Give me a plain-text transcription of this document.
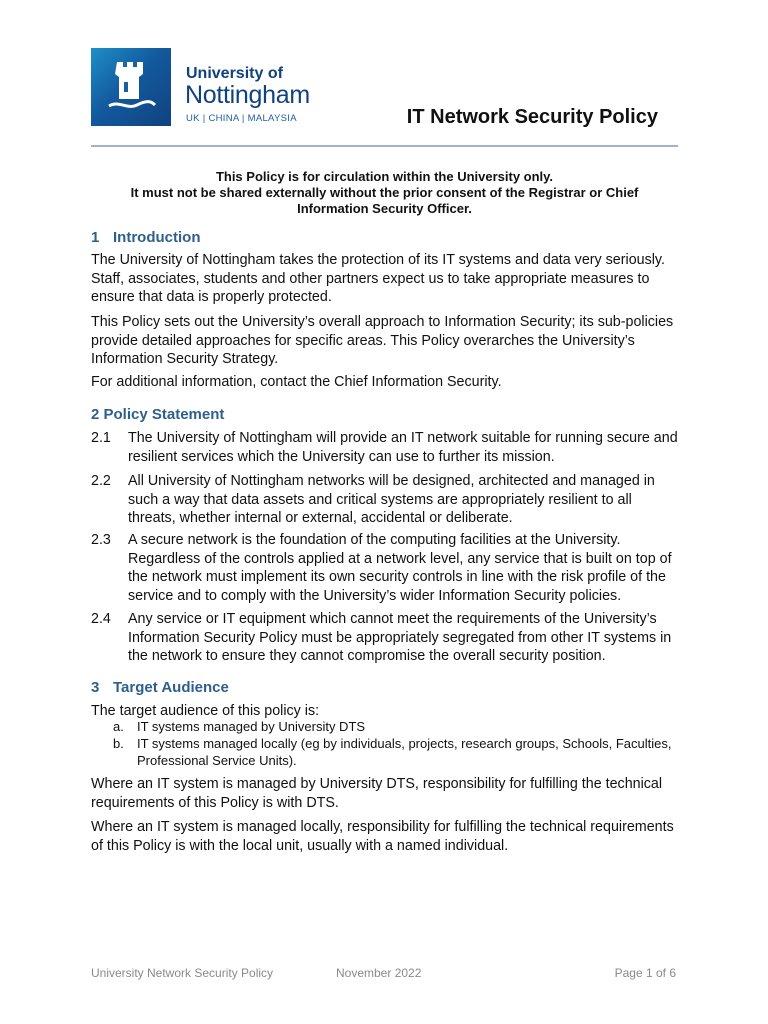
University of
Nottingham
UK | CHINA | MALAYSIA	IT Network Security Policy
This Policy is for circulation within the University only.
It must not be shared externally without the prior consent of the Registrar or Chief Information Security Officer.
1 Introduction
The University of Nottingham takes the protection of its IT systems and data very seriously. Staff, associates, students and other partners expect us to take appropriate measures to ensure that data is properly protected.
This Policy sets out the University’s overall approach to Information Security; its sub-policies provide detailed approaches for specific areas. This Policy overarches the University’s Information Security Strategy.
For additional information, contact the Chief Information Security.
2 Policy Statement
2.1 The University of Nottingham will provide an IT network suitable for running secure and resilient services which the University can use to further its mission.
2.2 All University of Nottingham networks will be designed, architected and managed in such a way that data assets and critical systems are appropriately resilient to all threats, whether internal or external, accidental or deliberate.
2.3 A secure network is the foundation of the computing facilities at the University. Regardless of the controls applied at a network level, any service that is built on top of the network must implement its own security controls in line with the risk profile of the service and to comply with the University’s wider Information Security policies.
2.4 Any service or IT equipment which cannot meet the requirements of the University’s Information Security Policy must be appropriately segregated from other IT systems in the network to ensure they cannot compromise the overall security position.
3 Target Audience
The target audience of this policy is:
a. IT systems managed by University DTS
b. IT systems managed locally (eg by individuals, projects, research groups, Schools, Faculties, Professional Service Units).
Where an IT system is managed by University DTS, responsibility for fulfilling the technical requirements of this Policy is with DTS.
Where an IT system is managed locally, responsibility for fulfilling the technical requirements of this Policy is with the local unit, usually with a named individual.
University Network Security Policy	November 2022	Page 1 of 6
